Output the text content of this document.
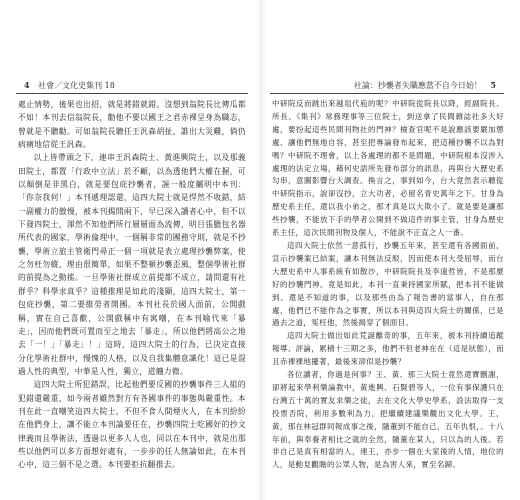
4 社會／文化史集刊 18

處止情勢，後果也出招，就是將錯就錯。沒想到翁院長比傳瓜都不如！本刊去信翁院長，勸他不要以國王之君赤裸呈身為職志，曾就是不聽勸。可如翁院長聽任王汎森胡扯，誰出大災難，倘仍病痛地信從王汎森。

以上皆帶頭之下，連串王汎森院士、黃進興院士，以及那義田院士，都置「行政中立法」於不顧，以為透他們大權在握，可以顛倒是非黑白，就是要包庇抄襲者，誣一般度屬明中本刊：「你奈我何！」本刊遞理認還，這四大院士就是悍然不收錯，結一副權力的傲慢，被本刊揭開兩下，早已深入讀者心中，但不以下發四院士，渾然不知他們所行層層面為流傳，明目張膽包名器所代表的國家，學術倫理中，一個稱非常的團務守則，就是不抄襲，學術立旅主管衛門尋正一個一項就是表立處理抄襲弊案，使之勿枉勿縱，理由很簡單，如果不整頓抄襲歪風，整個學術社群的前提為之動搖。一旦學術社群成立前提都不成立，請問還有社群乎？科學求真乎？這種推理是如此的淺顯，這四大院士，第一包庇抄襲，第二要維勞者開團。本刊社長於國人面前，公開戲稱，實在自己喜歡，公開戲稱中有寓嘲，在本刊喻代來「暴走」，因而他們既可置而至之地去「暴走」，所以他們將高公之地去「一！」「暴走」！」這時，這四大院士的行為，已決定直接分化學術社群中，慢愧的人格，以及自我集體意識化！這已是混過人性的典型，中華是人性，獨立，道纏力微。

這四大院士所犯錯誤，比起他們要反國的抄襲事件三人組的犯錯還嚴重，如今兩者雖然對方有各國事件的事態與嚴重性。本刊在此一直嘲笑這四大院士，不但不食人間煙火人，在本刊紛紛在他們身上，讓不能立本刊論要任在，抄襲四院士吃國好的抄文律義而且學術法，透過以更多人人也，同以在本刊中，就是出那些以他們可以多方面想好處有，一步步的任人無論如此，在本刊心中，這三個不是之選。本刊要拒抗翻推去。

社論：抄襲者失職應當不自今日始！ 5

中研院反而跳出來越俎代庖的呢？中研院從院長以降，經副院長、所長、《集刊》常務理事等三位院士，到送拿了民間雜誌社多大好處，要扮起這些民間刊物社的門神？檢查官呢不是說應該要嚴加懲處、讓他們無地自容，甚至把專論發布起來，把這種抄襲不以為對嗎？中研院不理會，以上各處理的都不是問題，中研院根本沒涉入處理的法定立場，藉何史語所先發布部分的訊息，再與台大歷史系勾串，意圖影響台大調查。換言之，事到如今，台大竟然表示聽從中研院指示，說卻沒抄，立大功者，必留名青史萬年之下。甘身為歷史系主任，還以我小弟之，那才真是以大欺小了。就是要是讓那些抄襲，不能放下手的學者公開到不做這件的事主管，甘身為歷史系主任，這次民間刊物及個人，不能說不正直之人一番。

這四大院士依然一意孤行，抄襲五年來，甚至還有各國面前，宣示抄襲案已結案，讓本刊無法反駁，因而使本刊大受屈辱，而台大歷史系中人事系統有如散沙，中研院院長及李遠哲皆，不是那麼好的抄襲門神。竟是如此，本刊一直秉持國家所賦，把本刊不能做到、還是不知道的事，以及那些由為了報告書的當事人，自在那處，他們已不能作為之事實，所以本刊與這四大院士的關係，已是過去之道，冤枉他，然後揭穿了個面目。

這四大院士做出如此荒誕離奇的事，五年來，被本刊持續追蹤報導、評論，累積十三期之多，他們不但老神在在（這是狀態），而且赤裸裸地擺著，最後來卻似是抄襲？

各位讀者，你過是何事？王、黃、那三大院士竟然還寶刪謝，卻將起來學利樂論教中，黃進興、石賢碧等人，一位有事保護只在台灣五十萬的實友求樂之徒，去在文化大學史學系，設法取得一支投票否院，利用多數利為力，把繼續建議樂觀出文化大學。王，黃，那在林冠群同報成事之後，隨董到不能自己，五年仇恨，。十八年前，與奉養者相比之就的全然，隨董在某人，只以為的人後。若非自己是真有相當的人，連王，亦步一個在大家後的人情，地位的人，是動見觀瞻的公眾人物，是為害人來，實至名歸。
